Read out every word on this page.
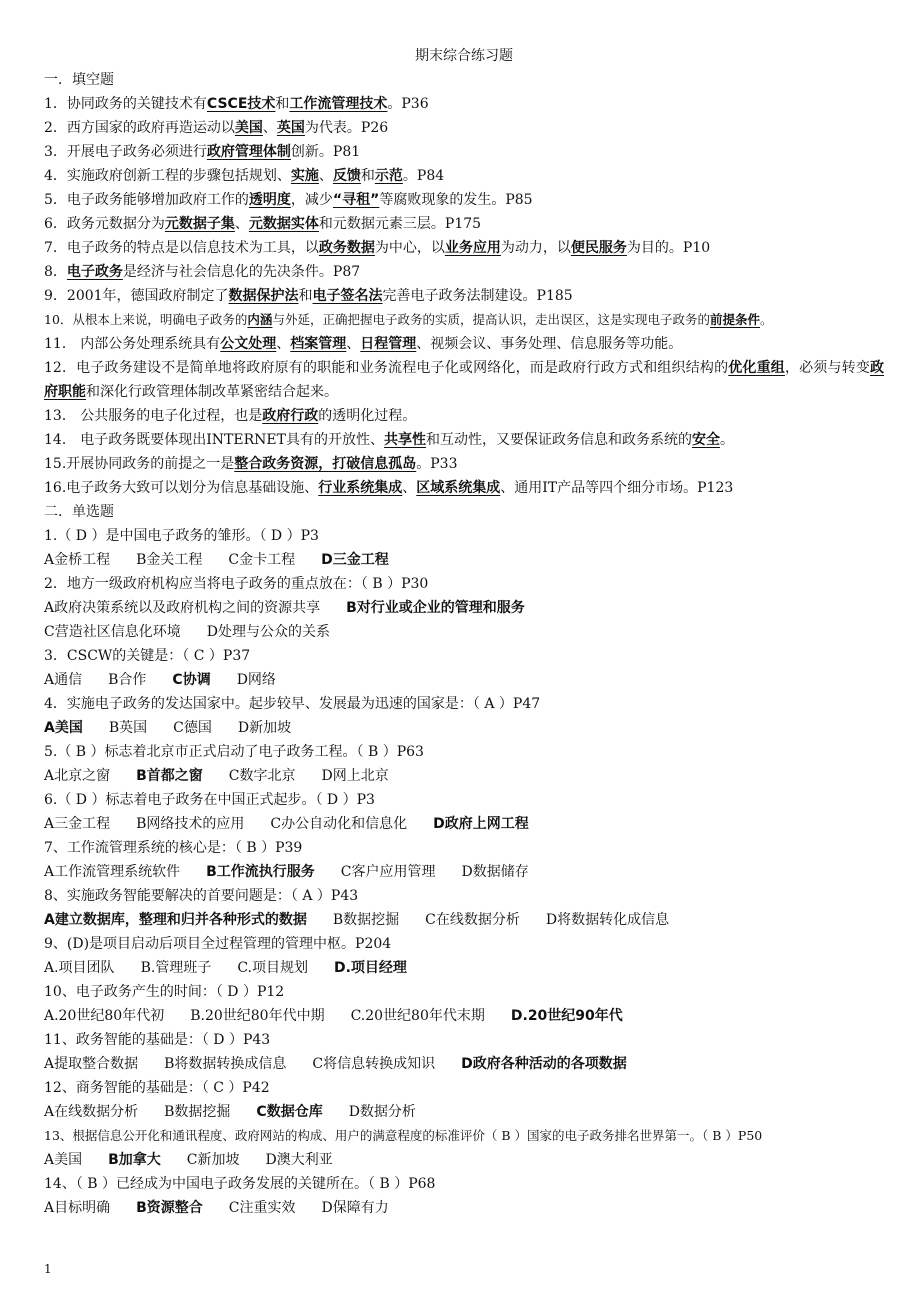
期末综合练习题
一．填空题
1．协同政务的关键技术有CSCE技术和工作流管理技术。P36
2．西方国家的政府再造运动以美国、英国为代表。P26
3．开展电子政务必须进行政府管理体制创新。P81
4．实施政府创新工程的步骤包括规划、实施、反馈和示范。P84
5．电子政务能够增加政府工作的透明度，减少“寻租”等腐败现象的发生。P85
6．政务元数据分为元数据子集、元数据实体和元数据元素三层。P175
7．电子政务的特点是以信息技术为工具，以政务数据为中心，以业务应用为动力，以便民服务为目的。P10
8．电子政务是经济与社会信息化的先决条件。P87
9．2001年，德国政府制定了数据保护法和电子签名法完善电子政务法制建设。P185
10．从根本上来说，明确电子政务的内涵与外延，正确把握电子政务的实质，提高认识，走出误区，这是实现电子政务的前提条件。
11． 内部公务处理系统具有公文处理、档案管理、日程管理、视频会议、事务处理、信息服务等功能。
12．电子政务建设不是简单地将政府原有的职能和业务流程电子化或网络化，而是政府行政方式和组织结构的优化重组，必须与转变政府职能和深化行政管理体制改革紧密结合起来。
13． 公共服务的电子化过程，也是政府行政的透明化过程。
14． 电子政务既要体现出INTERNET具有的开放性、共享性和互动性，又要保证政务信息和政务系统的安全。
15.开展协同政务的前提之一是整合政务资源，打破信息孤岛。P33
16.电子政务大致可以划分为信息基础设施、行业系统集成、区域系统集成、通用IT产品等四个细分市场。P123
二．单选题
1.（ D ）是中国电子政务的雏形。（ D ）P3
A金桥工程 B金关工程 C金卡工程 D三金工程
2．地方一级政府机构应当将电子政务的重点放在：（ B ）P30
A政府决策系统以及政府机构之间的资源共享 B对行业或企业的管理和服务
C营造社区信息化环境 D处理与公众的关系
3．CSCW的关键是：（ C ）P37
A通信 B合作 C协调 D网络
4．实施电子政务的发达国家中。起步较早、发展最为迅速的国家是：（ A ）P47
A美国 B英国 C德国 D新加坡
5.（ B ）标志着北京市正式启动了电子政务工程。（ B ）P63
A北京之窗 B首都之窗 C数字北京 D网上北京
6.（ D ）标志着电子政务在中国正式起步。（ D ）P3
A三金工程 B网络技术的应用 C办公自动化和信息化 D政府上网工程
7、工作流管理系统的核心是：（ B ）P39
A工作流管理系统软件 B工作流执行服务 C客户应用管理 D数据储存
8、实施政务智能要解决的首要问题是：（ A ）P43
A建立数据库，整理和归并各种形式的数据 B数据挖掘 C在线数据分析 D将数据转化成信息
9、(D)是项目启动后项目全过程管理的管理中枢。P204
A.项目团队 B.管理班子 C.项目规划 D.项目经理
10、电子政务产生的时间：（ D ）P12
A.20世纪80年代初 B.20世纪80年代中期 C.20世纪80年代末期 D.20世纪90年代
11、政务智能的基础是：（ D ）P43
A提取整合数据 B将数据转换成信息 C将信息转换成知识 D政府各种活动的各项数据
12、商务智能的基础是：（ C ）P42
A在线数据分析 B数据挖掘 C数据仓库 D数据分析
13、根据信息公开化和通讯程度、政府网站的构成、用户的满意程度的标准评价（ B ）国家的电子政务排名世界第一。（ B ）P50
A美国 B加拿大 C新加坡 D澳大利亚
14、（ B ）已经成为中国电子政务发展的关键所在。（ B ）P68
A目标明确 B资源整合 C注重实效 D保障有力
1
